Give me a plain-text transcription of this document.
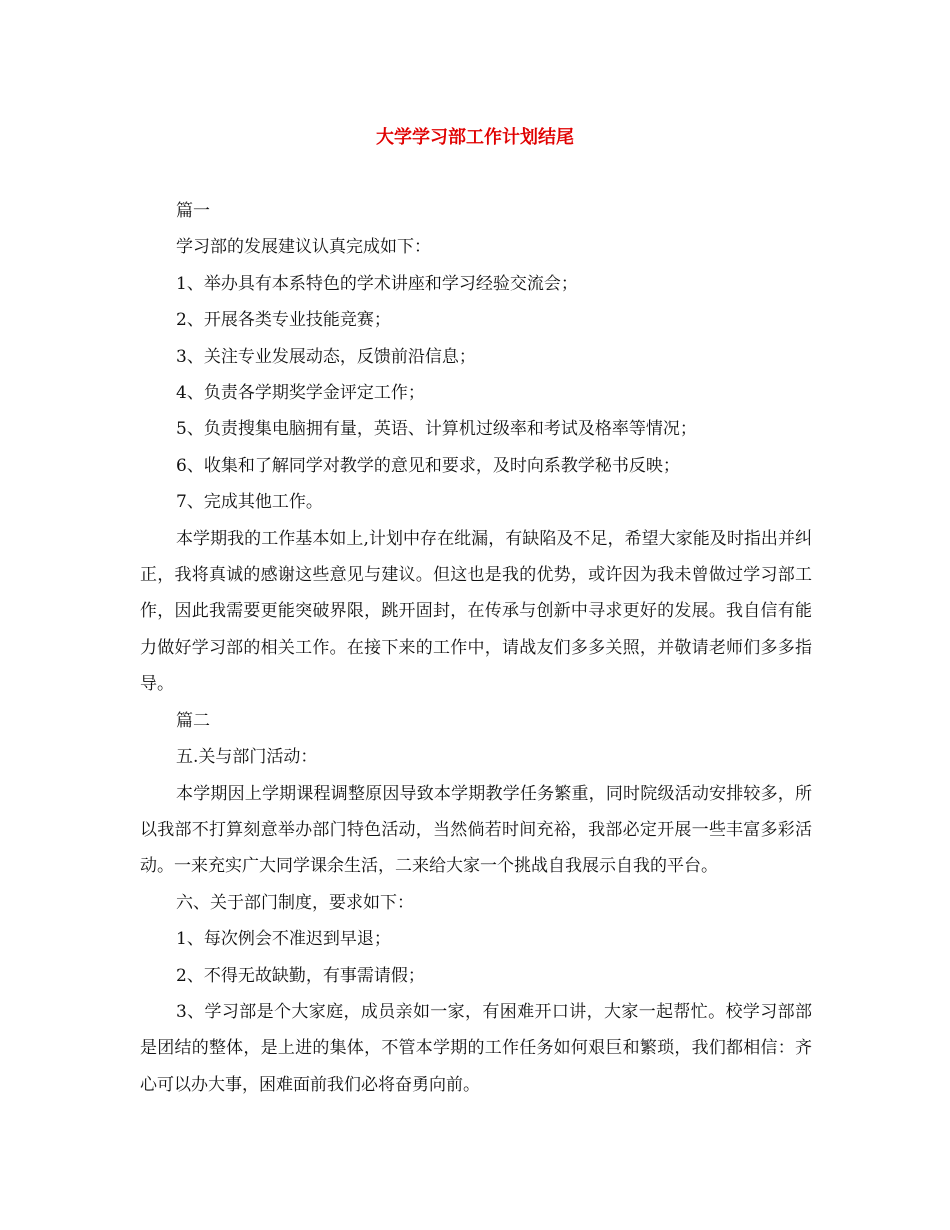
大学学习部工作计划结尾

篇一

学习部的发展建议认真完成如下：

1、举办具有本系特色的学术讲座和学习经验交流会；

2、开展各类专业技能竞赛；

3、关注专业发展动态，反馈前沿信息；

4、负责各学期奖学金评定工作；

5、负责搜集电脑拥有量，英语、计算机过级率和考试及格率等情况；

6、收集和了解同学对教学的意见和要求，及时向系教学秘书反映；

7、完成其他工作。

本学期我的工作基本如上,计划中存在纰漏，有缺陷及不足，希望大家能及时指出并纠正，我将真诚的感谢这些意见与建议。但这也是我的优势，或许因为我未曾做过学习部工作，因此我需要更能突破界限，跳开固封，在传承与创新中寻求更好的发展。我自信有能力做好学习部的相关工作。在接下来的工作中，请战友们多多关照，并敬请老师们多多指导。

篇二

五.关与部门活动：

本学期因上学期课程调整原因导致本学期教学任务繁重，同时院级活动安排较多，所以我部不打算刻意举办部门特色活动，当然倘若时间充裕，我部必定开展一些丰富多彩活动。一来充实广大同学课余生活，二来给大家一个挑战自我展示自我的平台。

六、关于部门制度，要求如下：

1、每次例会不准迟到早退；

2、不得无故缺勤，有事需请假；

3、学习部是个大家庭，成员亲如一家，有困难开口讲，大家一起帮忙。校学习部部是团结的整体，是上进的集体，不管本学期的工作任务如何艰巨和繁琐，我们都相信：齐心可以办大事，困难面前我们必将奋勇向前。
